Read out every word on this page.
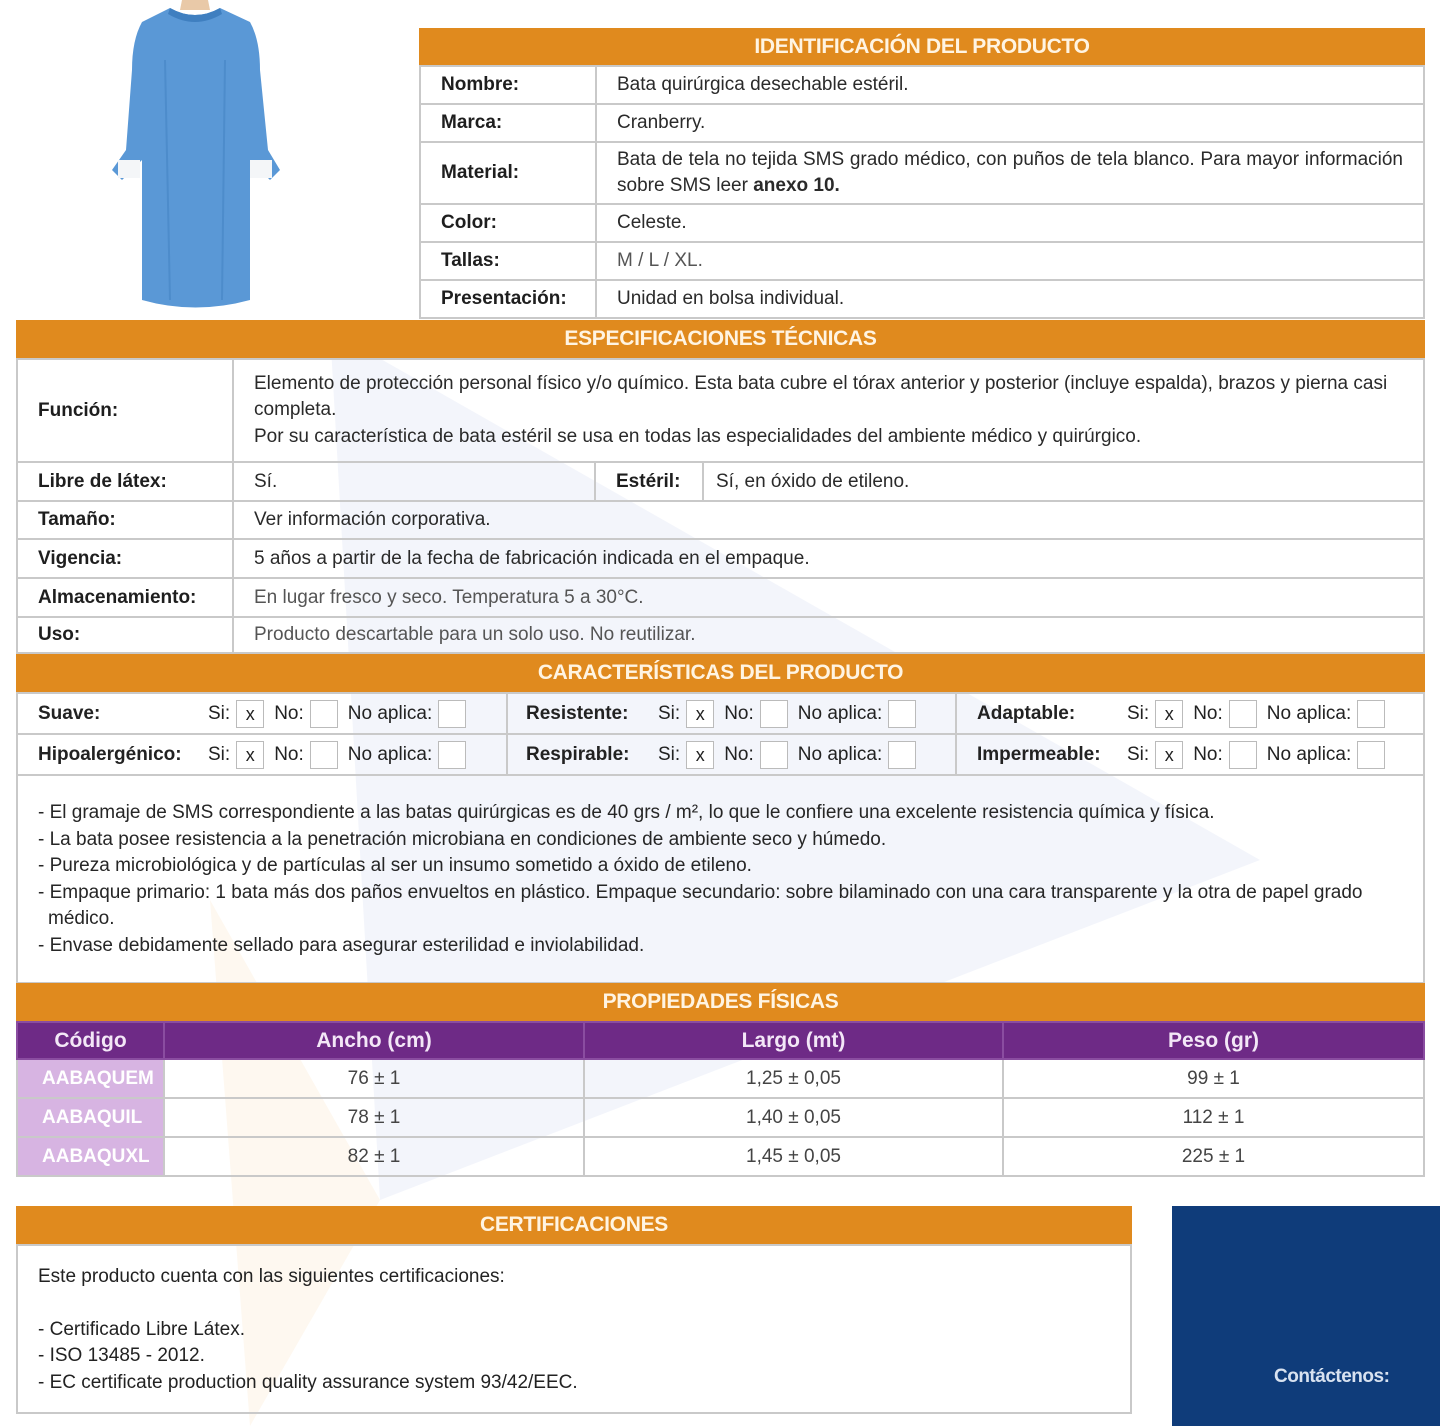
IDENTIFICACIÓN DEL PRODUCTO
Nombre:	Bata quirúrgica desechable estéril.
Marca:	Cranberry.
Material:	Bata de tela no tejida SMS grado médico, con puños de tela blanco. Para mayor información sobre SMS leer anexo 10.
Color:	Celeste.
Tallas:	M / L / XL.
Presentación:	Unidad en bolsa individual.
ESPECIFICACIONES TÉCNICAS
Función:	Elemento de protección personal físico y/o químico. Esta bata cubre el tórax anterior y posterior (incluye espalda), brazos y pierna casi completa.
Por su característica de bata estéril se usa en todas las especialidades del ambiente médico y quirúrgico.		

Libre de látex:	Sí.	Estéril:	Sí, en óxido de etileno.
Tamaño:	Ver información corporativa.		
Vigencia:	5 años a partir de la fecha de fabricación indicada en el empaque.		
Almacenamiento:	En lugar fresco y seco. Temperatura 5 a 30°C.		
Uso:	Producto descartable para un solo uso. No reutilizar.		
CARACTERÍSTICAS DEL PRODUCTO
Suave:	Si: x	No: No aplica:	Resistente:	Si: x	No: No aplica:	Adaptable:	Si: x	No: No aplica:
Hipoalergénico:	Si: x	No: No aplica:	Respirable:	Si: x	No: No aplica:	Impermeable:	Si: x	No: No aplica:

- El gramaje de SMS correspondiente a las batas quirúrgicas es de 40 grs / m², lo que le confiere una excelente resistencia química y física.

- La bata posee resistencia a la penetración microbiana en condiciones de ambiente seco y húmedo.

- Pureza microbiológica y de partículas al ser un insumo sometido a óxido de etileno.

- Empaque primario: 1 bata más dos paños envueltos en plástico. Empaque secundario: sobre bilaminado con una cara transparente y la otra de papel grado médico.

- Envase debidamente sellado para asegurar esterilidad e inviolabilidad.

PROPIEDADES FÍSICAS
Código	Ancho (cm)	Largo (mt)	Peso (gr)
AABAQUEM	76 ± 1	1,25 ± 0,05	99 ± 1
AABAQUIL	78 ± 1	1,40 ± 0,05	112 ± 1
AABAQUXL	82 ± 1	1,45 ± 0,05	225 ± 1
CERTIFICACIONES

Este producto cuenta con las siguientes certificaciones:

- Certificado Libre Látex.

- ISO 13485 - 2012.

- EC certificate production quality assurance system 93/42/EEC.	Contáctenos:
